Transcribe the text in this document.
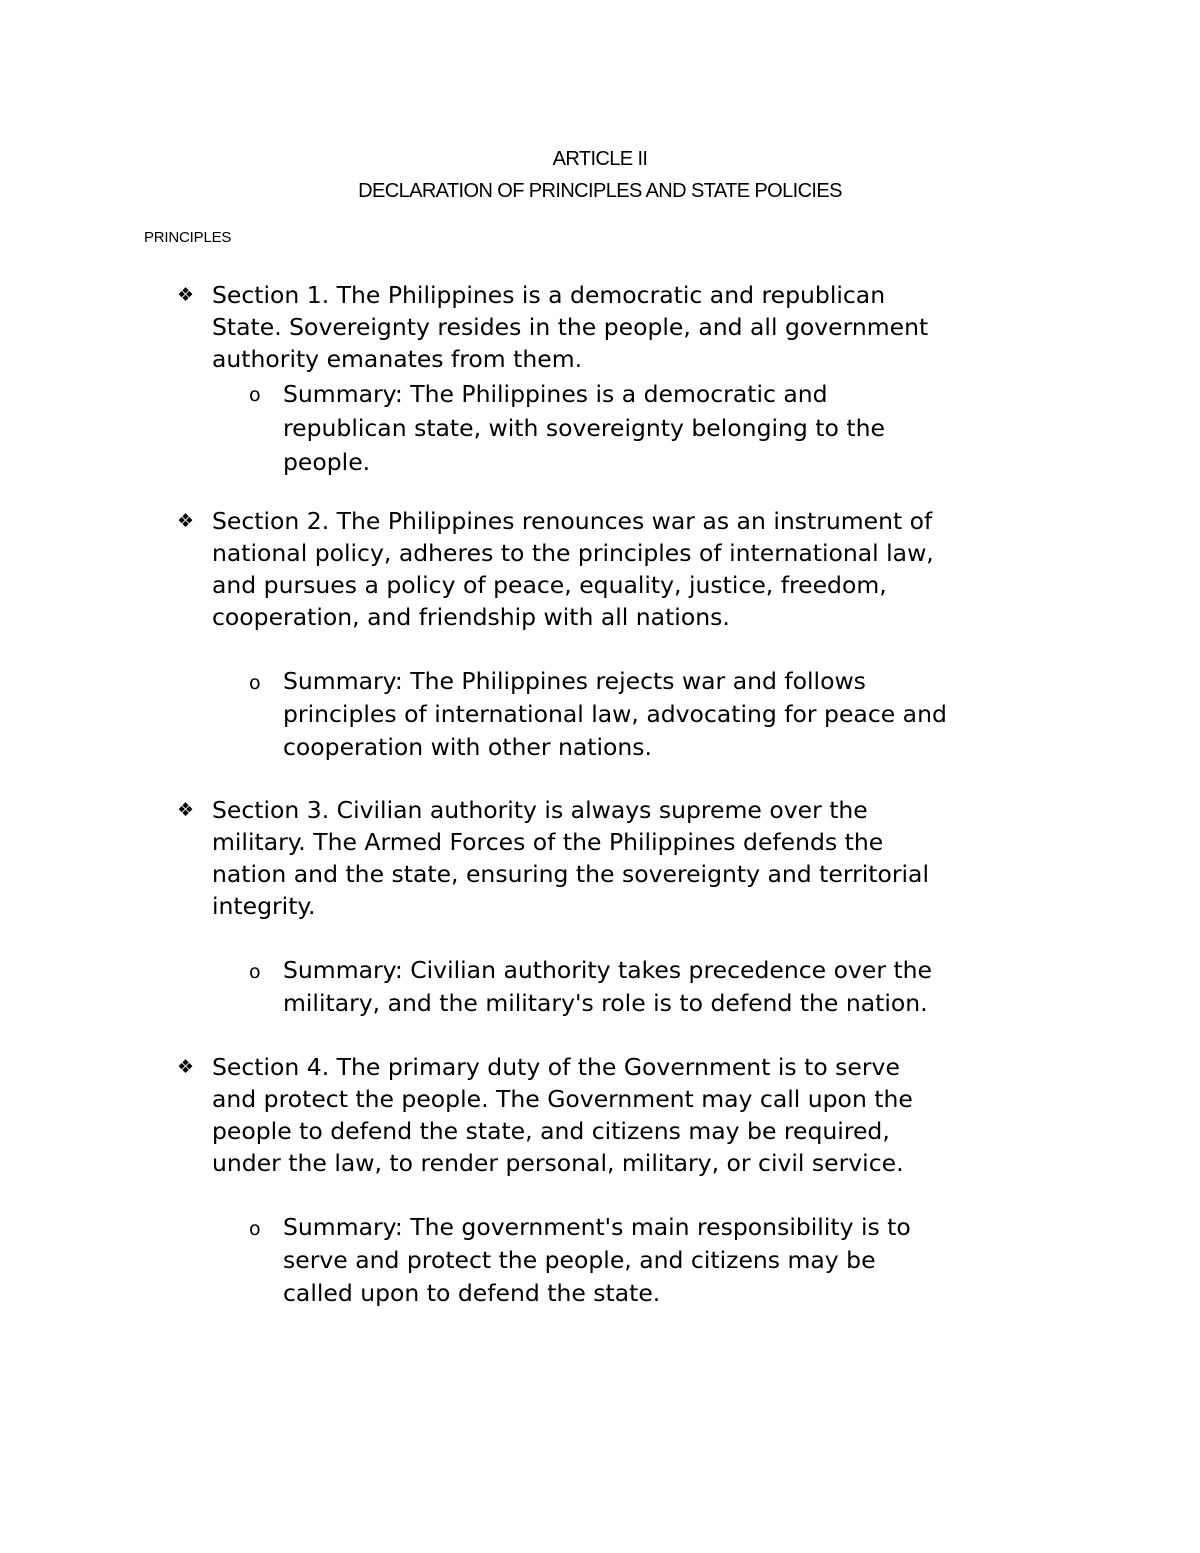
ARTICLE II
DECLARATION OF PRINCIPLES AND STATE POLICIES
PRINCIPLES
❖ Section 1. The Philippines is a democratic and republican
State. Sovereignty resides in the people, and all government
authority emanates from them.
o Summary: The Philippines is a democratic and
republican state, with sovereignty belonging to the
people.
❖ Section 2. The Philippines renounces war as an instrument of
national policy, adheres to the principles of international law,
and pursues a policy of peace, equality, justice, freedom,
cooperation, and friendship with all nations.
o Summary: The Philippines rejects war and follows
principles of international law, advocating for peace and
cooperation with other nations.
❖ Section 3. Civilian authority is always supreme over the
military. The Armed Forces of the Philippines defends the
nation and the state, ensuring the sovereignty and territorial
integrity.
o Summary: Civilian authority takes precedence over the
military, and the military's role is to defend the nation.
❖ Section 4. The primary duty of the Government is to serve
and protect the people. The Government may call upon the
people to defend the state, and citizens may be required,
under the law, to render personal, military, or civil service.
o Summary: The government's main responsibility is to
serve and protect the people, and citizens may be
called upon to defend the state.
